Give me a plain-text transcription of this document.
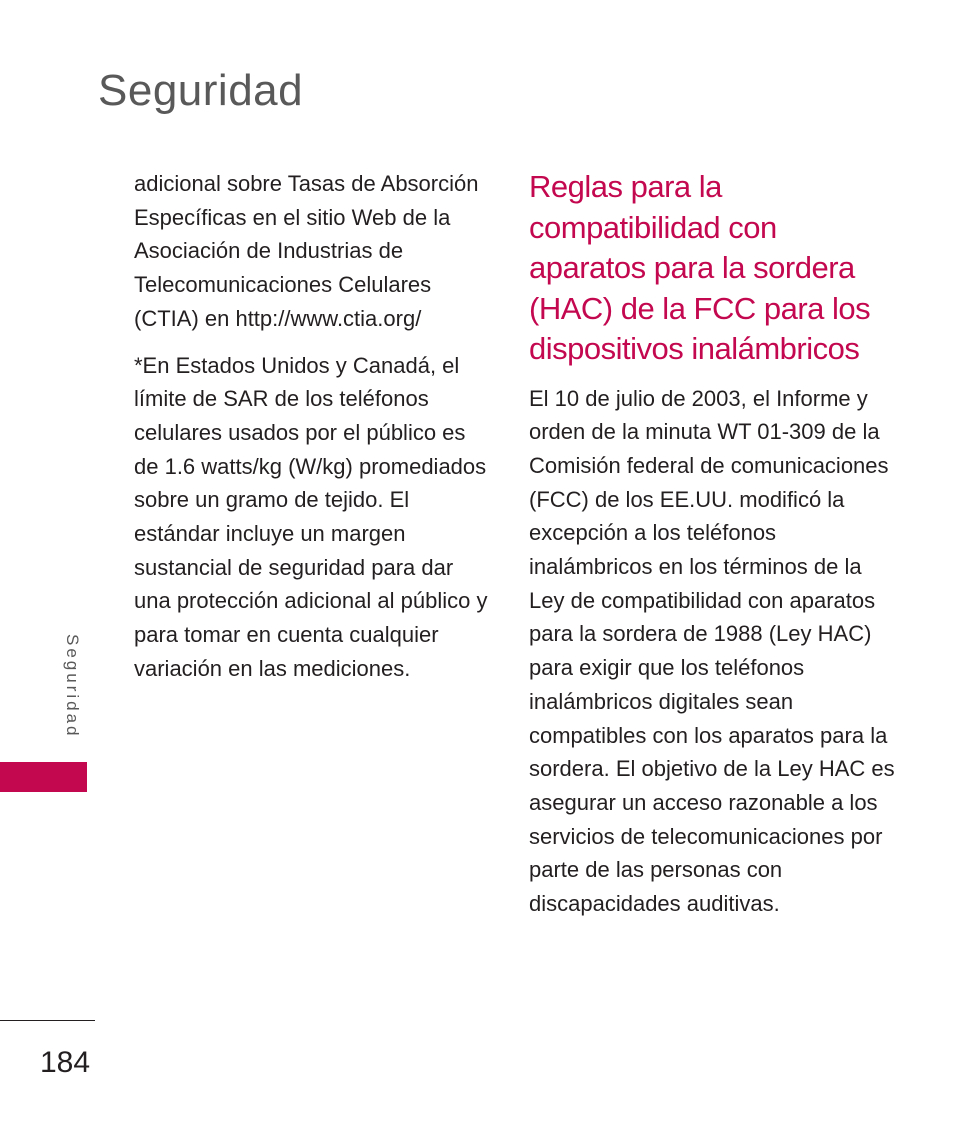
Seguridad

adicional sobre Tasas de Absorción Específicas en el sitio Web de la Asociación de Industrias de Telecomunicaciones Celulares (CTIA) en http://www.ctia.org/

*En Estados Unidos y Canadá, el límite de SAR de los teléfonos celulares usados por el público es de 1.6 watts/kg (W/kg) promediados sobre un gramo de tejido. El estándar incluye un margen sustancial de seguridad para dar una protección adicional al público y para tomar en cuenta cualquier variación en las mediciones.

Reglas para la compatibilidad con aparatos para la sordera (HAC) de la FCC para los dispositivos inalámbricos

El 10 de julio de 2003, el Informe y orden de la minuta WT 01-309 de la Comisión federal de comunicaciones (FCC) de los EE.UU. modificó la excepción a los teléfonos inalámbricos en los términos de la Ley de compatibilidad con aparatos para la sordera de 1988 (Ley HAC) para exigir que los teléfonos inalámbricos digitales sean compatibles con los aparatos para la sordera. El objetivo de la Ley HAC es asegurar un acceso razonable a los servicios de telecomunicaciones por parte de las personas con discapacidades auditivas.

Seguridad
184
